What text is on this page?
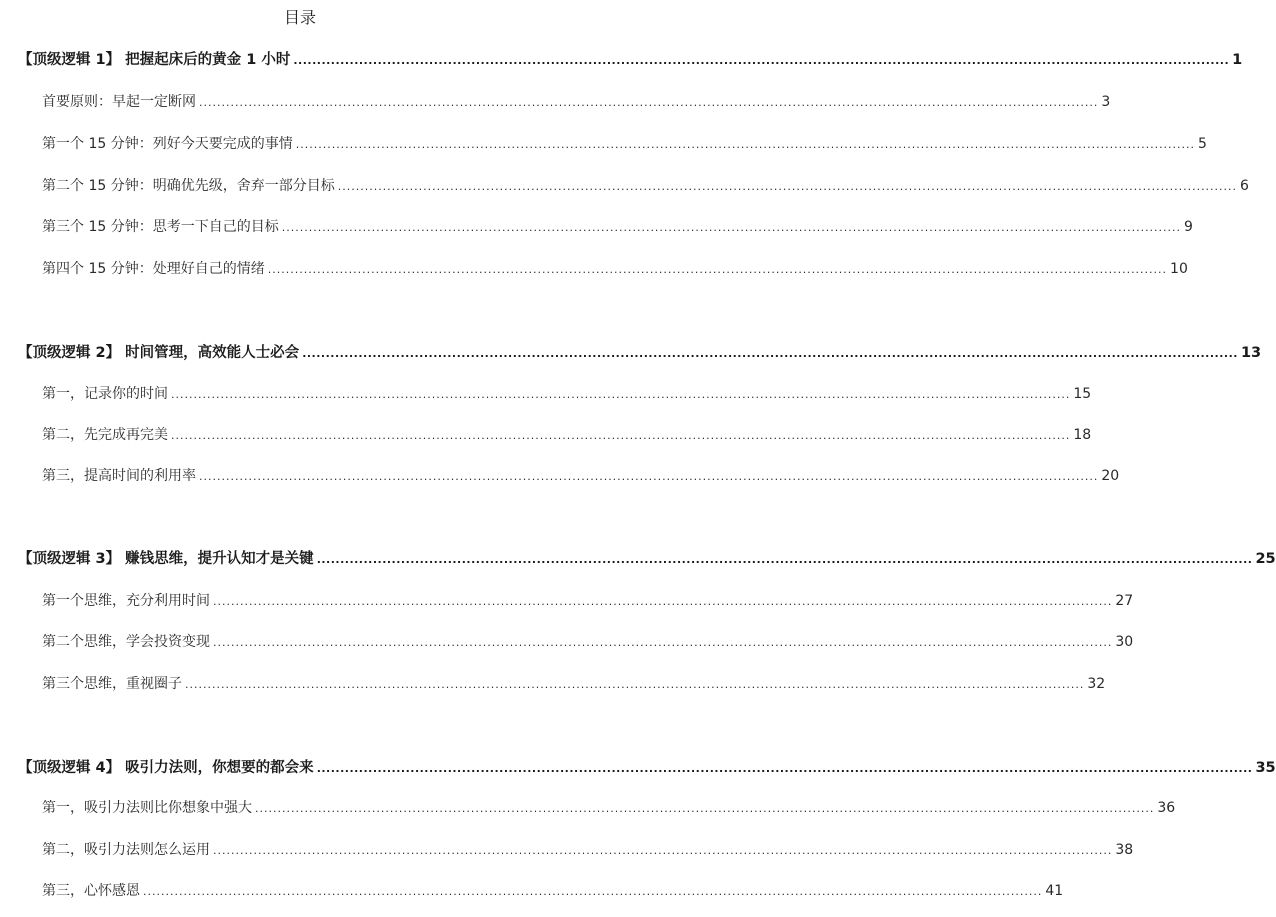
目录
【顶级逻辑 1】 把握起床后的黄金 1 小时 ........................................................................................................................................................................................................ 1
首要原则：早起一定断网 ........................................................................................................................................................................................................ 3
第一个 15 分钟：列好今天要完成的事情 ........................................................................................................................................................................................................ 5
第二个 15 分钟：明确优先级，舍弃一部分目标 ........................................................................................................................................................................................................ 6
第三个 15 分钟：思考一下自己的目标 ........................................................................................................................................................................................................ 9
第四个 15 分钟：处理好自己的情绪 ........................................................................................................................................................................................................ 10
【顶级逻辑 2】 时间管理，高效能人士必会 ........................................................................................................................................................................................................ 13
第一，记录你的时间 ........................................................................................................................................................................................................ 15
第二，先完成再完美 ........................................................................................................................................................................................................ 18
第三，提高时间的利用率 ........................................................................................................................................................................................................ 20
【顶级逻辑 3】 赚钱思维，提升认知才是关键 ........................................................................................................................................................................................................ 25
第一个思维，充分利用时间 ........................................................................................................................................................................................................ 27
第二个思维，学会投资变现 ........................................................................................................................................................................................................ 30
第三个思维，重视圈子 ........................................................................................................................................................................................................ 32
【顶级逻辑 4】 吸引力法则，你想要的都会来 ........................................................................................................................................................................................................ 35
第一，吸引力法则比你想象中强大 ........................................................................................................................................................................................................ 36
第二，吸引力法则怎么运用 ........................................................................................................................................................................................................ 38
第三，心怀感恩 ........................................................................................................................................................................................................ 41
